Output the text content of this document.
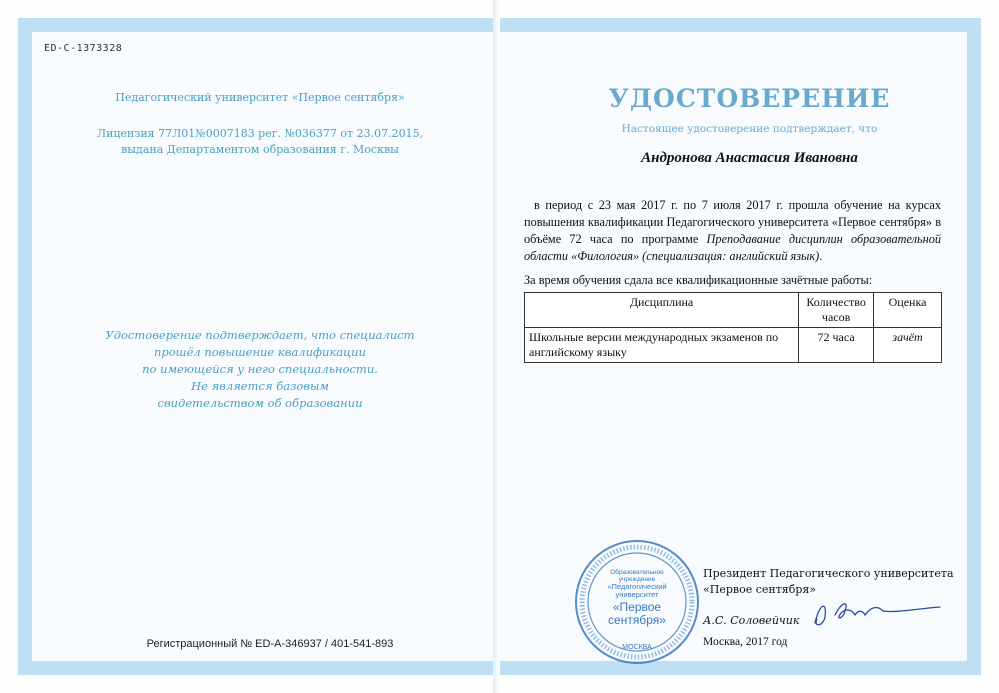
ED-C-1373328
Педагогический университет «Первое сентября»
Лицензия 77Л01№0007183 рег. №036377 от 23.07.2015,
выдана Департаментом образования г. Москвы
Удостоверение подтверждает, что специалист
прошёл повышение квалификации
по имеющейся у него специальности.
Не является базовым
свидетельством об образовании
Регистрационный № ED-A-346937 / 401-541-893
УДОСТОВЕРЕНИЕ
Настоящее удостоверение подтверждает, что
Андронова Анастасия Ивановна
в период с 23 мая 2017 г. по 7 июля 2017 г. прошла обучение на курсах повышения квалификации Педагогического университета «Первое сентября» в объёме 72 часа по программе Преподавание дисциплин образовательной области «Филология» (специализация: английский язык).
За время обучения сдала все квалификационные зачётные работы:
Дисциплина	Количество часов	Оценка
Школьные версии международных экзаменов по английскому языку	72 часа	зачёт
Образовательное
учреждение
«Педагогический
университет
«Первое
сентября»
МОСКВА
Президент Педагогического университета
«Первое сентября»
А.С. Соловейчик
Москва, 2017 год
